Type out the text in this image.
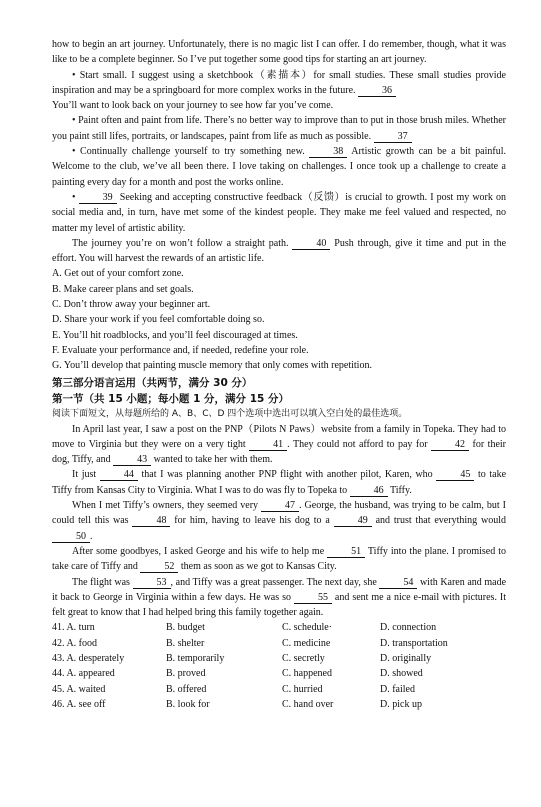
how to begin an art journey. Unfortunately, there is no magic list I can offer. I do remember, though, what it was like to be a complete beginner. So I’ve put together some good tips for starting an art journey.

• Start small. I suggest using a sketchbook（素描本）for small studies. These small studies provide inspiration and may be a springboard for more complex works in the future.	36
You’ll want to look back on your journey to see how far you’ve come.

• Paint often and paint from life. There’s no better way to improve than to put in those brush miles. Whether you paint still lifes, portraits, or landscapes, paint from life as much as possible.	37

• Continually challenge yourself to try something new.	38 Artistic growth can be a bit painful. Welcome to the club, we’ve all been there. I love taking on challenges. I once took up a challenge to create a painting every day for a month and post the works online.

•	39 Seeking and accepting constructive feedback（反馈）is crucial to growth. I post my work on social media and, in turn, have met some of the kindest people. They make me feel valued and respected, no matter my level of artistic ability.

The journey you’re on won’t follow a straight path.	40 Push through, give it time and put in the effort. You will harvest the rewards of an artistic life.

A. Get out of your comfort zone.
B. Make career plans and set goals.
C. Don’t throw away your beginner art.
D. Share your work if you feel comfortable doing so.
E. You’ll hit roadblocks, and you’ll feel discouraged at times.
F. Evaluate your performance and, if needed, redefine your role.
G. You’ll develop that painting muscle memory that only comes with repetition.
第三部分语言运用（共两节，满分 30 分）
第一节（共 15 小题；每小题 1 分，满分 15 分）
阅读下面短文，从每题所给的 A、B、C、D 四个选项中选出可以填入空白处的最佳选项。

In April last year, I saw a post on the PNP（Pilots N Paws）website from a family in Topeka. They had to move to Virginia but they were on a very tight	41 . They could not afford to pay for	42 for their dog, Tiffy, and	43 wanted to take her with them.

It just	44 that I was planning another PNP flight with another pilot, Karen, who	45 to take Tiffy from Kansas City to Virginia. What I was to do was fly to Topeka to	46 Tiffy.

When I met Tiffy’s owners, they seemed very	47 . George, the husband, was trying to be calm, but I could tell this was	48 for him, having to leave his dog to a	49 and trust that everything would 50 .

After some goodbyes, I asked George and his wife to help me	51 Tiffy into the plane. I promised to take care of Tiffy and	52 them as soon as we got to Kansas City.

The flight was	53 , and Tiffy was a great passenger. The next day, she	54 with Karen and made it back to George in Virginia within a few days. He was so	55 and sent me a nice e-mail with pictures. It felt great to know that I had helped bring this family together again.

41. A. turn	B. budget	C. schedule·	D. connection
42. A. food	B. shelter	C. medicine	D. transportation
43. A. desperately	B. temporarily	C. secretly	D. originally
44. A. appeared	B. proved	C. happened	D. showed
45. A. waited	B. offered	C. hurried	D. failed
46. A. see off	B. look for	C. hand over	D. pick up
